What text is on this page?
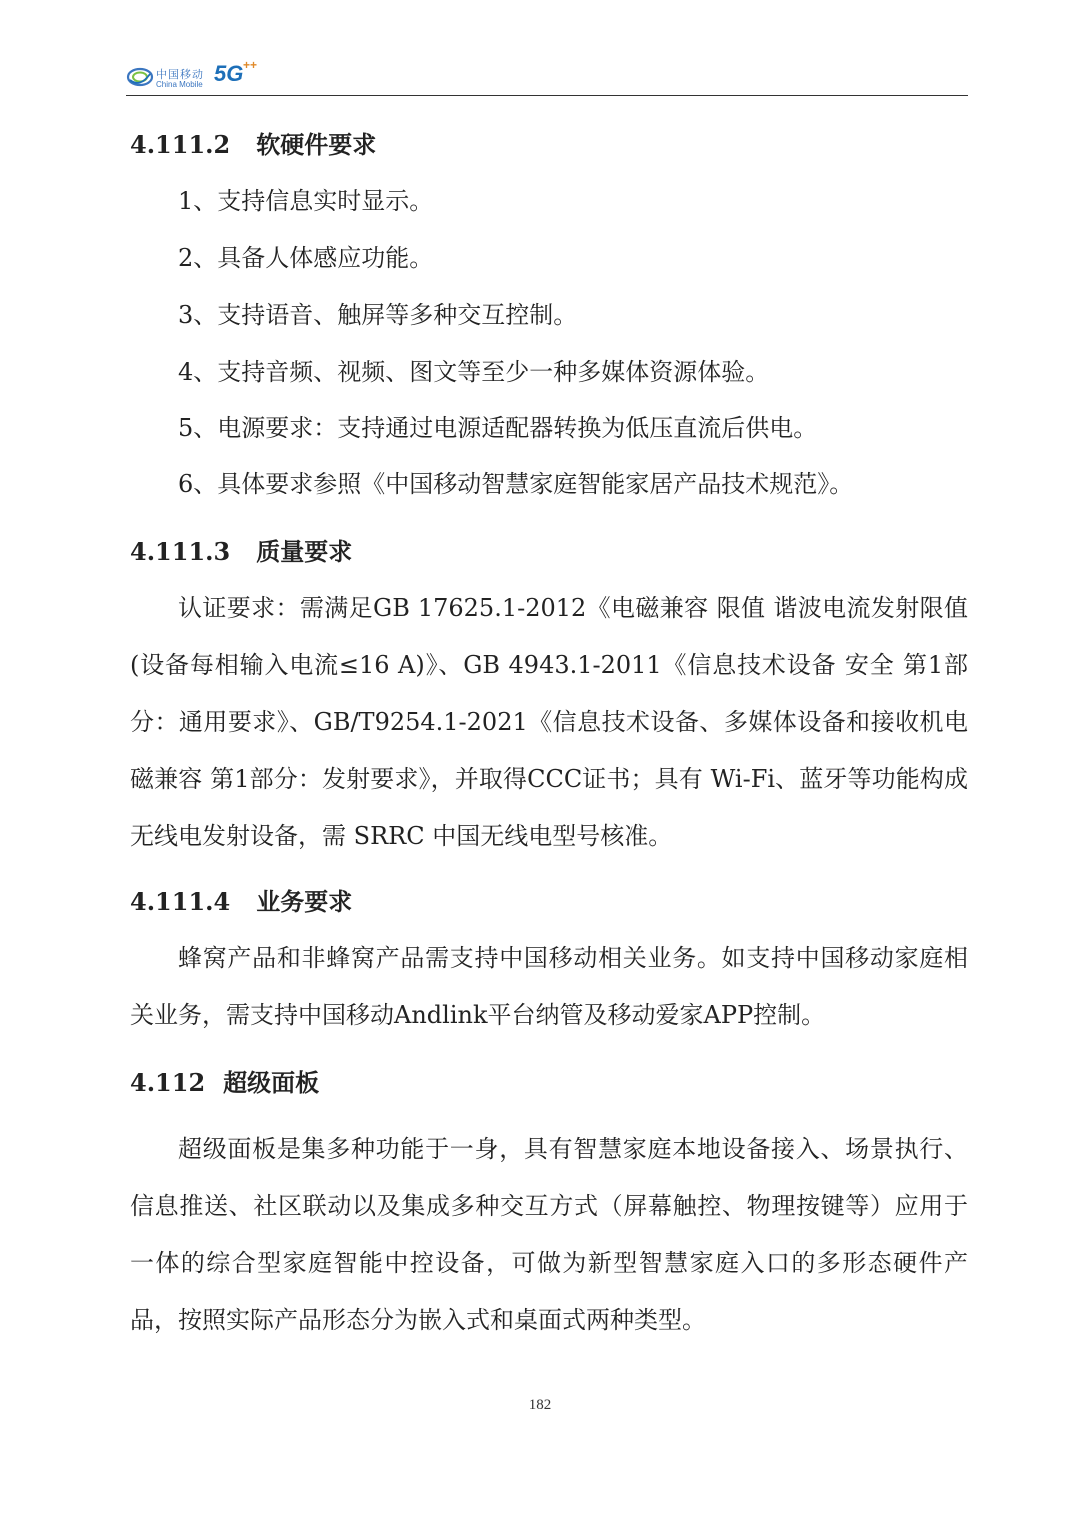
中国移动
China Mobile 5G ++
4.111.2 软硬件要求
1、支持信息实时显示。
2、具备人体感应功能。
3、支持语音、触屏等多种交互控制。
4、支持音频、视频、图文等至少一种多媒体资源体验。
5、电源要求：支持通过电源适配器转换为低压直流后供电。
6、具体要求参照《中国移动智慧家庭智能家居产品技术规范》。
4.111.3 质量要求
认证要求：需满足GB 17625.1-2012《电磁兼容 限值 谐波电流发射限值(设备每相输入电流≤16 A)》、GB 4943.1-2011《信息技术设备 安全 第1部分：通用要求》、GB/T9254.1-2021《信息技术设备、多媒体设备和接收机电磁兼容 第1部分：发射要求》，并取得CCC证书；具有 Wi-Fi、蓝牙等功能构成无线电发射设备，需 SRRC 中国无线电型号核准。
4.111.4 业务要求
蜂窝产品和非蜂窝产品需支持中国移动相关业务。如支持中国移动家庭相关业务，需支持中国移动Andlink平台纳管及移动爱家APP控制。
4.112 超级面板
超级面板是集多种功能于一身，具有智慧家庭本地设备接入、场景执行、信息推送、社区联动以及集成多种交互方式（屏幕触控、物理按键等）应用于一体的综合型家庭智能中控设备，可做为新型智慧家庭入口的多形态硬件产品，按照实际产品形态分为嵌入式和桌面式两种类型。
182
